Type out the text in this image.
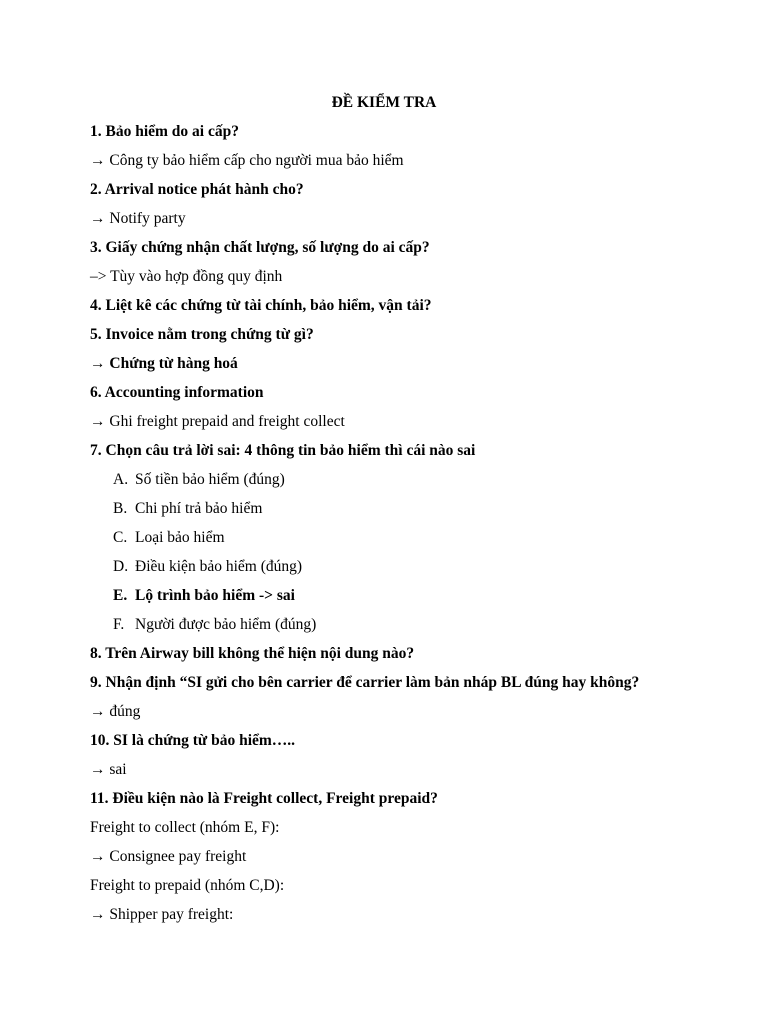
ĐỀ KIỂM TRA
1. Bảo hiểm do ai cấp?
→ Công ty bảo hiểm cấp cho người mua bảo hiểm
2. Arrival notice phát hành cho?
→ Notify party
3. Giấy chứng nhận chất lượng, số lượng do ai cấp?
–> Tùy vào hợp đồng quy định
4. Liệt kê các chứng từ tài chính, bảo hiểm, vận tải?
5. Invoice nằm trong chứng từ gì?
→ Chứng từ hàng hoá
6. Accounting information
→ Ghi freight prepaid and freight collect
7. Chọn câu trả lời sai: 4 thông tin bảo hiểm thì cái nào sai
A. Số tiền bảo hiểm (đúng)
B. Chi phí trả bảo hiểm
C. Loại bảo hiểm
D. Điều kiện bảo hiểm (đúng)
E. Lộ trình bảo hiểm -> sai
F. Người được bảo hiểm (đúng)
8. Trên Airway bill không thể hiện nội dung nào?
9. Nhận định “SI gửi cho bên carrier để carrier làm bản nháp BL đúng hay không?
→ đúng
10. SI là chứng từ bảo hiểm…..
→ sai
11. Điều kiện nào là Freight collect, Freight prepaid?
Freight to collect (nhóm E, F):
→ Consignee pay freight
Freight to prepaid (nhóm C,D):
→ Shipper pay freight:
